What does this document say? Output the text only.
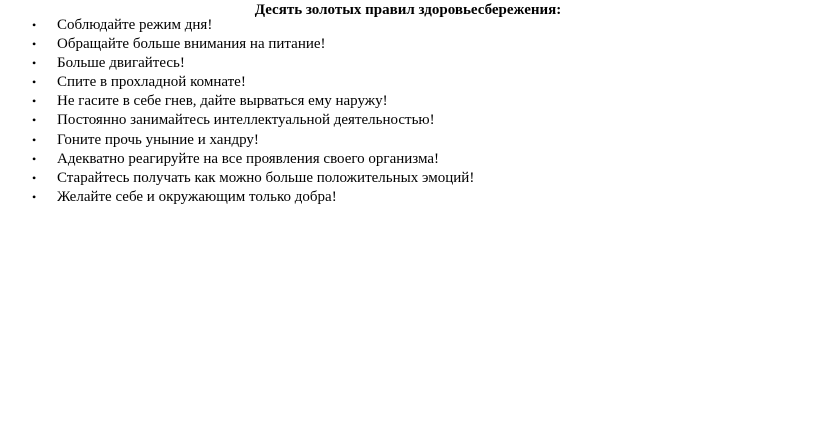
Десять золотых правил здоровьесбережения:
• Соблюдайте режим дня!
• Обращайте больше внимания на питание!
• Больше двигайтесь!
• Спите в прохладной комнате!
• Не гасите в себе гнев, дайте вырваться ему наружу!
• Постоянно занимайтесь интеллектуальной деятельностью!
• Гоните прочь уныние и хандру!
• Адекватно реагируйте на все проявления своего организма!
• Старайтесь получать как можно больше положительных эмоций!
• Желайте себе и окружающим только добра!
